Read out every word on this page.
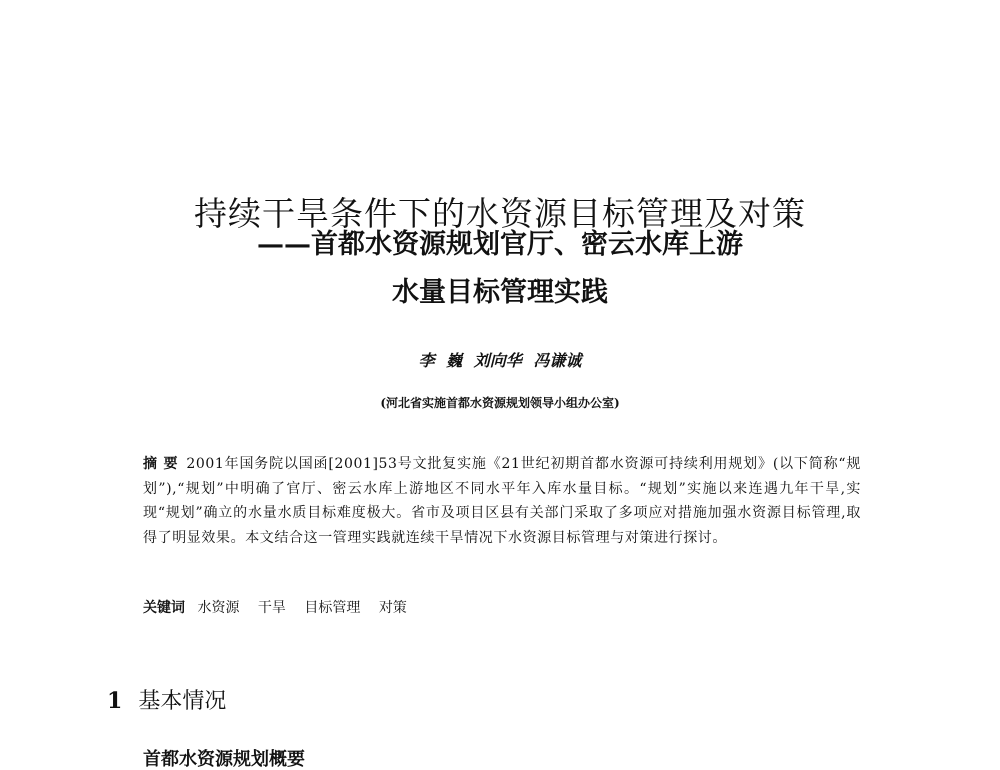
持续干旱条件下的水资源目标管理及对策
——首都水资源规划官厅、密云水库上游
水量目标管理实践
李 巍 刘向华 冯谦诚
(河北省实施首都水资源规划领导小组办公室)
摘 要 2001年国务院以国函[2001]53号文批复实施《21世纪初期首都水资源可持续利用规划》(以下简称“规划”),“规划”中明确了官厅、密云水库上游地区不同水平年入库水量目标。“规划”实施以来连遇九年干旱,实现“规划”确立的水量水质目标难度极大。省市及项目区县有关部门采取了多项应对措施加强水资源目标管理,取得了明显效果。本文结合这一管理实践就连续干旱情况下水资源目标管理与对策进行探讨。
关键词 水资源 干旱 目标管理 对策
1 基本情况
首都水资源规划概要
